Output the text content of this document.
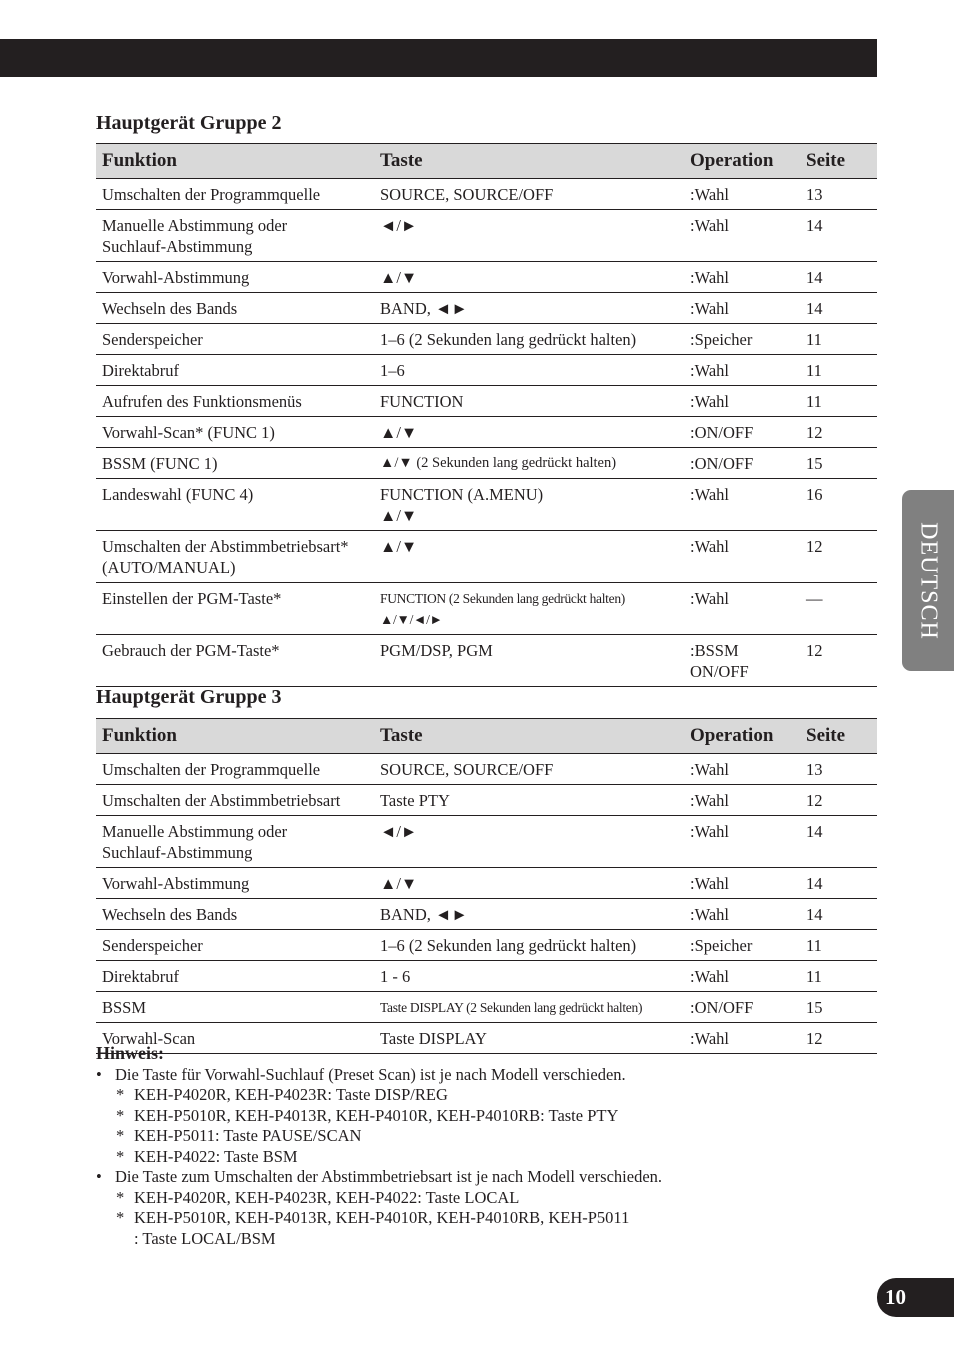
Hauptgerät Gruppe 2
Funktion	Taste	Operation	Seite

Umschalten der Programmquelle	SOURCE, SOURCE/OFF	:Wahl	13

Manuelle Abstimmung oder
Suchlauf-Abstimmung	◄/►	:Wahl	14

Vorwahl-Abstimmung	▲/▼	:Wahl	14

Wechseln des Bands	BAND, ◄►	:Wahl	14

Senderspeicher	1–6 (2 Sekunden lang gedrückt halten)	:Speicher	11

Direktabruf	1–6	:Wahl	11

Aufrufen des Funktionsmenüs	FUNCTION	:Wahl	11

Vorwahl-Scan* (FUNC 1)	▲/▼	:ON/OFF	12

BSSM (FUNC 1)	▲/▼ (2 Sekunden lang gedrückt halten)	:ON/OFF	15

Landeswahl (FUNC 4)	FUNCTION (A.MENU)
▲/▼	:Wahl	16

Umschalten der Abstimmbetriebsart*
(AUTO/MANUAL)	▲/▼	:Wahl	12

Einstellen der PGM-Taste*	FUNCTION (2 Sekunden lang gedrückt halten)
▲/▼/◄/►	:Wahl	—

Gebrauch der PGM-Taste*	PGM/DSP, PGM	:BSSM
ON/OFF	12
Hauptgerät Gruppe 3
Funktion	Taste	Operation	Seite

Umschalten der Programmquelle	SOURCE, SOURCE/OFF	:Wahl	13

Umschalten der Abstimmbetriebsart	Taste PTY	:Wahl	12

Manuelle Abstimmung oder
Suchlauf-Abstimmung	◄/►	:Wahl	14

Vorwahl-Abstimmung	▲/▼	:Wahl	14

Wechseln des Bands	BAND, ◄►	:Wahl	14

Senderspeicher	1–6 (2 Sekunden lang gedrückt halten)	:Speicher	11

Direktabruf	1 - 6	:Wahl	11

BSSM	Taste DISPLAY (2 Sekunden lang gedrückt halten)	:ON/OFF	15

Vorwahl-Scan	Taste DISPLAY	:Wahl	12
Hinweis:
• Die Taste für Vorwahl-Suchlauf (Preset Scan) ist je nach Modell verschieden.
* KEH-P4020R, KEH-P4023R: Taste DISP/REG
* KEH-P5010R, KEH-P4013R, KEH-P4010R, KEH-P4010RB: Taste PTY
* KEH-P5011: Taste PAUSE/SCAN
* KEH-P4022: Taste BSM
• Die Taste zum Umschalten der Abstimmbetriebsart ist je nach Modell verschieden.
* KEH-P4020R, KEH-P4023R, KEH-P4022: Taste LOCAL
* KEH-P5010R, KEH-P4013R, KEH-P4010R, KEH-P4010RB, KEH-P5011
: Taste LOCAL/BSM
DEUTSCH
10
